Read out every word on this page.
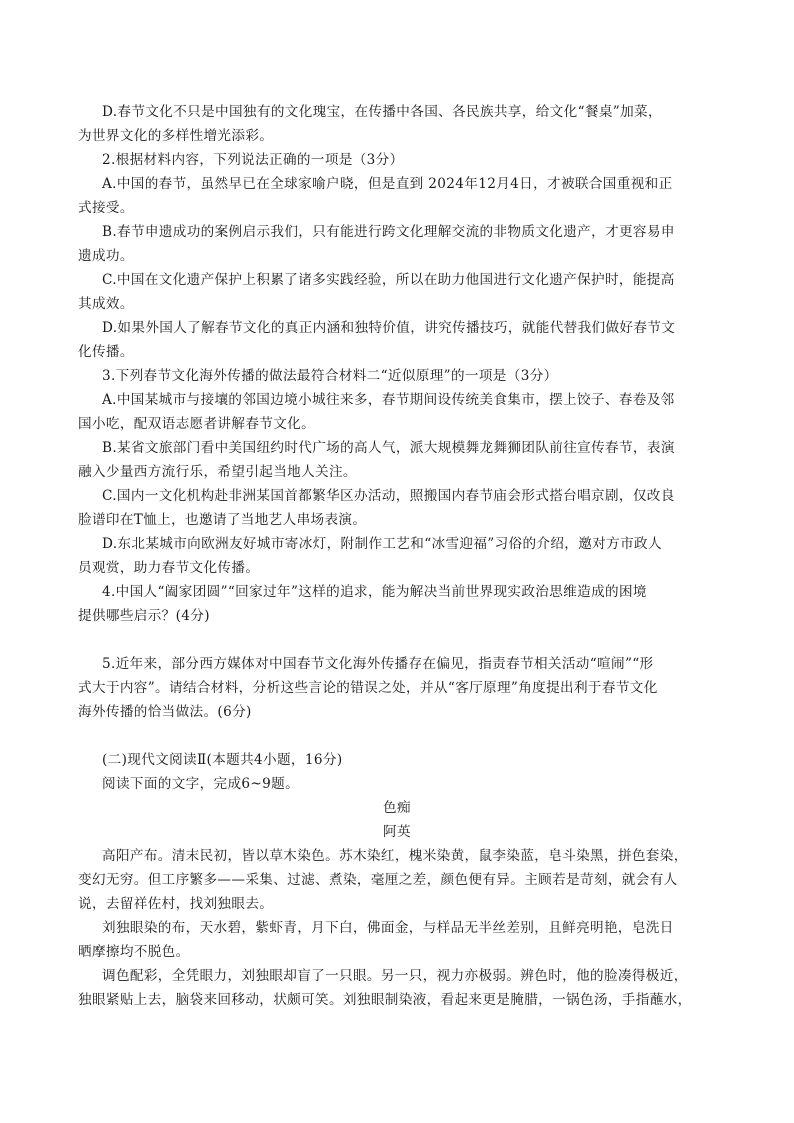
D.春节文化不只是中国独有的文化瑰宝，在传播中各国、各民族共享，给文化“餐桌”加菜，
为世界文化的多样性增光添彩。
2.根据材料内容，下列说法正确的一项是（3分）
A.中国的春节，虽然早已在全球家喻户晓，但是直到 2024年12月4日，才被联合国重视和正
式接受。
B.春节申遗成功的案例启示我们，只有能进行跨文化理解交流的非物质文化遗产，才更容易申
遗成功。
C.中国在文化遗产保护上积累了诸多实践经验，所以在助力他国进行文化遗产保护时，能提高
其成效。
D.如果外国人了解春节文化的真正内涵和独特价值，讲究传播技巧，就能代替我们做好春节文
化传播。
3.下列春节文化海外传播的做法最符合材料二“近似原理”的一项是（3分）
A.中国某城市与接壤的邻国边境小城往来多，春节期间设传统美食集市，摆上饺子、春卷及邻
国小吃，配双语志愿者讲解春节文化。
B.某省文旅部门看中美国纽约时代广场的高人气，派大规模舞龙舞狮团队前往宣传春节，表演
融入少量西方流行乐，希望引起当地人关注。
C.国内一文化机构赴非洲某国首都繁华区办活动，照搬国内春节庙会形式搭台唱京剧，仅改良
脸谱印在T恤上，也邀请了当地艺人串场表演。
D.东北某城市向欧洲友好城市寄冰灯，附制作工艺和“冰雪迎福”习俗的介绍，邀对方市政人
员观赏，助力春节文化传播。
4.中国人“阖家团圆”“回家过年”这样的追求，能为解决当前世界现实政治思维造成的困境
提供哪些启示？(4分)
5.近年来，部分西方媒体对中国春节文化海外传播存在偏见，指责春节相关活动“喧闹”“形
式大于内容”。请结合材料，分析这些言论的错误之处，并从“客厅原理”角度提出利于春节文化
海外传播的恰当做法。(6分)
(二)现代文阅读Ⅱ(本题共4小题，16分)
阅读下面的文字，完成6~9题。
色痴
阿英
高阳产布。清末民初，皆以草木染色。苏木染红，槐米染黄，鼠李染蓝，皂斗染黑，拼色套染，
变幻无穷。但工序繁多——采集、过滤、煮染，毫厘之差，颜色便有异。主顾若是苛刻，就会有人
说，去留祥佐村，找刘独眼去。
刘独眼染的布，天水碧，紫虾青，月下白，佛面金，与样品无半丝差别，且鲜亮明艳，皂洗日
晒摩擦均不脱色。
调色配彩，全凭眼力，刘独眼却盲了一只眼。另一只，视力亦极弱。辨色时，他的脸凑得极近，
独眼紧贴上去，脑袋来回移动，状颇可笑。刘独眼制染液，看起来更是腌腊，一锅色汤，手指蘸水，
